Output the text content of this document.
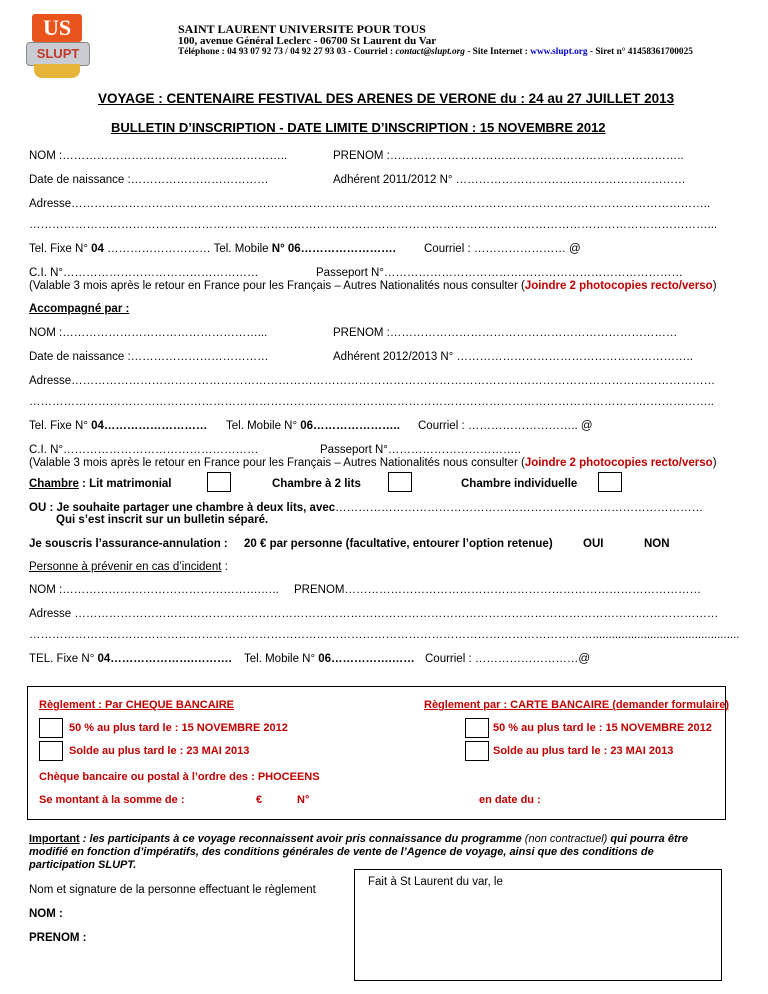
US
SLUPT
SAINT LAURENT UNIVERSITE POUR TOUS
100, avenue Général Leclerc - 06700 St Laurent du Var
Téléphone : 04 93 07 92 73 / 04 92 27 93 03 - Courriel : contact@slupt.org - Site Internet : www.slupt.org - Siret n° 41458361700025
VOYAGE : CENTENAIRE FESTIVAL DES ARENES DE VERONE du : 24 au 27 JUILLET 2013
BULLETIN D’INSCRIPTION - DATE LIMITE D’INSCRIPTION : 15 NOVEMBRE 2012
NOM :…………………………………………………..	PRENOM :…………………………………………………………………..
Date de naissance :………………………………	Adhérent 2011/2012 N° ……………………………………………………
Adresse…………………………………………………………………………………………………………………………………………………..
……………………………………………………………………………………………………………………………………………………………...
Tel. Fixe N° 04 ……………………… Tel. Mobile N° 06……………………. Courriel : …………………… @
C.I. N°……………………………………………	Passeport N°……………………………………………………………………
(Valable 3 mois après le retour en France pour les Français – Autres Nationalités nous consulter (Joindre 2 photocopies recto/verso)
Accompagné par :
NOM :……………………………………………...	PRENOM :…………………………………………………………………
Date de naissance :………………………………	Adhérent 2012/2013 N° ……………………………………………………..
Adresse……………………………………………………………………………………………………………………………………………………
……………………………………………………………………………………………………………………………………………………………..
Tel. Fixe N° 04……………………… Tel. Mobile N° 06………………….. Courriel : ……………………….. @
C.I. N°……………………………………………	Passeport N°……………………………..
(Valable 3 mois après le retour en France pour les Français – Autres Nationalités nous consulter (Joindre 2 photocopies recto/verso)
Chambre : Lit matrimonial	Chambre à 2 lits	Chambre individuelle
OU : Je souhaite partager une chambre à deux lits, avec……………………………………………………………………………………
Qui s’est inscrit sur un bulletin séparé.
Je souscris l’assurance-annulation : 20 € par personne (facultative, entourer l’option retenue)	OUI	NON
Personne à prévenir en cas d’incident :
NOM :…………………………………………….….. PRENOM…………………………………………………………………………………
Adresse ……………………………………………………………………………………………………………………………………………………
…………………………………………………………………………………………………………………………………..............................................
TEL. Fixe N° 04………………….………. Tel. Mobile N° 06…………….…… Courriel : ………………………@
Règlement : Par CHEQUE BANCAIRE	Règlement par : CARTE BANCAIRE (demander formulaire)
50 % au plus tard le : 15 NOVEMBRE 2012	50 % au plus tard le : 15 NOVEMBRE 2012
Solde au plus tard le : 23 MAI 2013	Solde au plus tard le : 23 MAI 2013
Chèque bancaire ou postal à l’ordre des : PHOCEENS
Se montant à la somme de :	€	N°	en date du :
Important : les participants à ce voyage reconnaissent avoir pris connaissance du programme (non contractuel) qui pourra être
modifié en fonction d’impératifs, des conditions générales de vente de l’Agence de voyage, ainsi que des conditions de
participation SLUPT.
Nom et signature de la personne effectuant le règlement
NOM :
PRENOM :
Fait à St Laurent du var, le
